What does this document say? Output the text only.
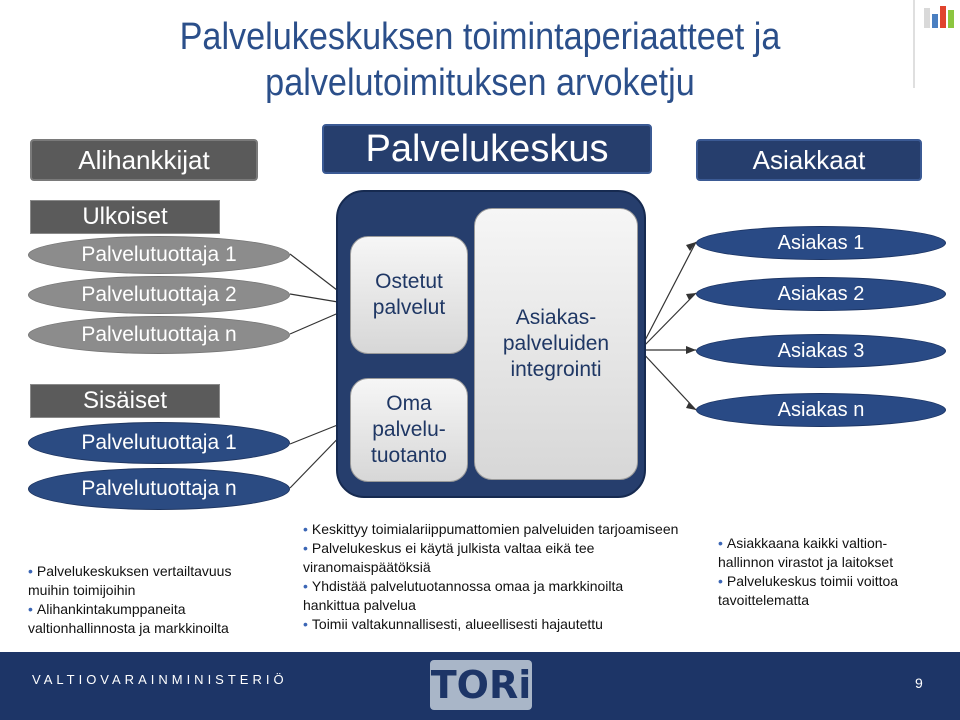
Palvelukeskuksen toimintaperiaatteet ja
palvelutoimituksen arvoketju
Alihankkijat	Palvelukeskus	Asiakkaat
Ulkoiset
Palvelutuottaja 1
Palvelutuottaja 2
Palvelutuottaja n
Sisäiset
Palvelutuottaja 1
Palvelutuottaja n
Ostetut
palvelut
Oma
palvelu-
tuotanto
Asiakas-
palveluiden
integrointi
Asiakas 1
Asiakas 2
Asiakas 3
Asiakas n
• Palvelukeskuksen vertailtavuus muihin toimijoihin
• Alihankintakumppaneita valtionhallinnosta ja markkinoilta
• Keskittyy toimialariippumattomien palveluiden tarjoamiseen
• Palvelukeskus ei käytä julkista valtaa eikä tee viranomaispäätöksiä
• Yhdistää palvelutuotannossa omaa ja markkinoilta hankittua palvelua
• Toimii valtakunnallisesti, alueellisesti hajautettu
• Asiakkaana kaikki valtion-hallinnon virastot ja laitokset
• Palvelukeskus toimii voittoa tavoittelematta
VALTIOVARAINMINISTERIÖ	TORi	9
